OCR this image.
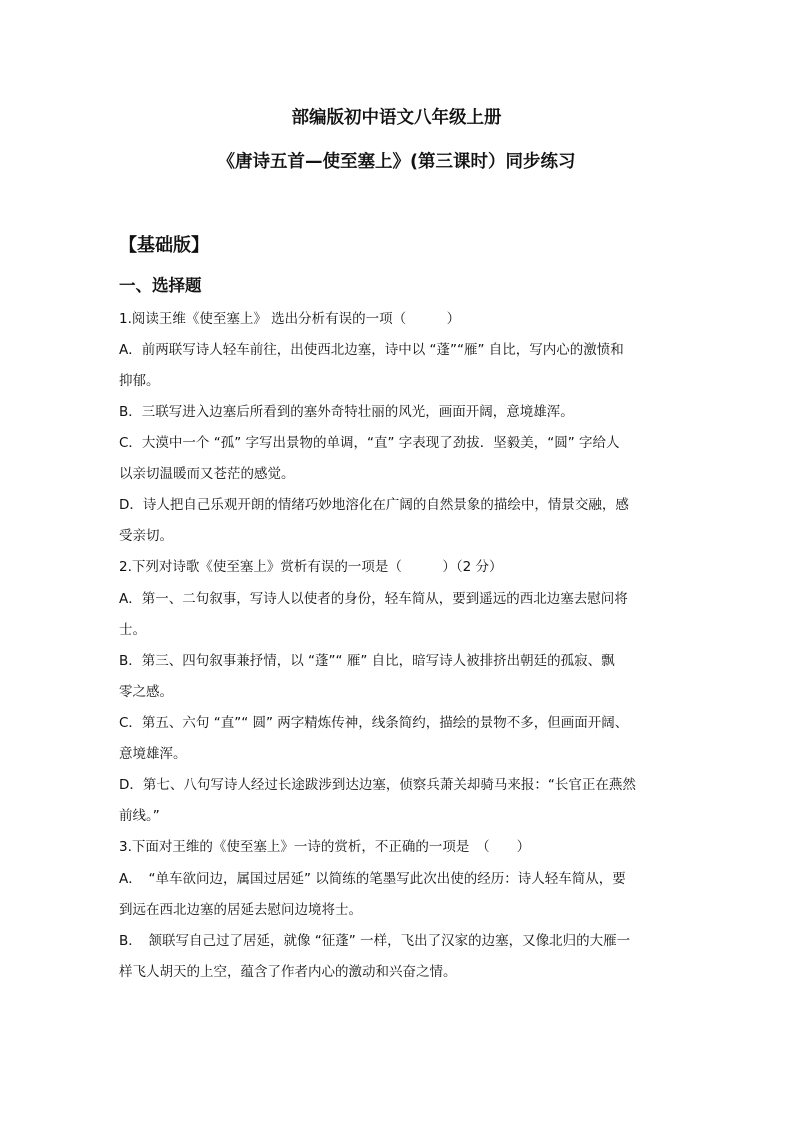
部编版初中语文八年级上册
《唐诗五首—使至塞上》(第三课时）同步练习
【基础版】
一、选择题
1.阅读王维《使至塞上》 选出分析有误的一项（　　　）
A．前两联写诗人轻车前往，出使西北边塞，诗中以 “蓬”“雁” 自比，写内心的激愤和
抑郁。
B．三联写进入边塞后所看到的塞外奇特壮丽的风光，画面开阔，意境雄浑。
C．大漠中一个 “孤” 字写出景物的单调，“直” 字表现了劲拔．坚毅美，“圆” 字给人
以亲切温暖而又苍茫的感觉。
D．诗人把自己乐观开朗的情绪巧妙地溶化在广阔的自然景象的描绘中，情景交融，感
受亲切。
2.下列对诗歌《使至塞上》赏析有误的一项是（　　　）（2 分）
A．第一、二句叙事，写诗人以使者的身份，轻车简从，要到遥远的西北边塞去慰问将
士。
B．第三、四句叙事兼抒情，以 “蓬”“ 雁” 自比，暗写诗人被排挤出朝廷的孤寂、飘
零之感。
C．第五、六句 “直”“ 圆” 两字精炼传神，线条简约，描绘的景物不多，但画面开阔、
意境雄浑。
D．第七、八句写诗人经过长途跋涉到达边塞，侦察兵萧关却骑马来报：“长官正在燕然
前线。”
3.下面对王维的《使至塞上》一诗的赏析，不正确的一项是　（　　）
A．　“单车欲问边，属国过居延” 以简练的笔墨写此次出使的经历：诗人轻车简从，要
到远在西北边塞的居延去慰问边境将士。
B．　颔联写自己过了居延，就像 “征蓬” 一样，飞出了汉家的边塞，又像北归的大雁一
样飞人胡天的上空，蕴含了作者内心的激动和兴奋之情。
